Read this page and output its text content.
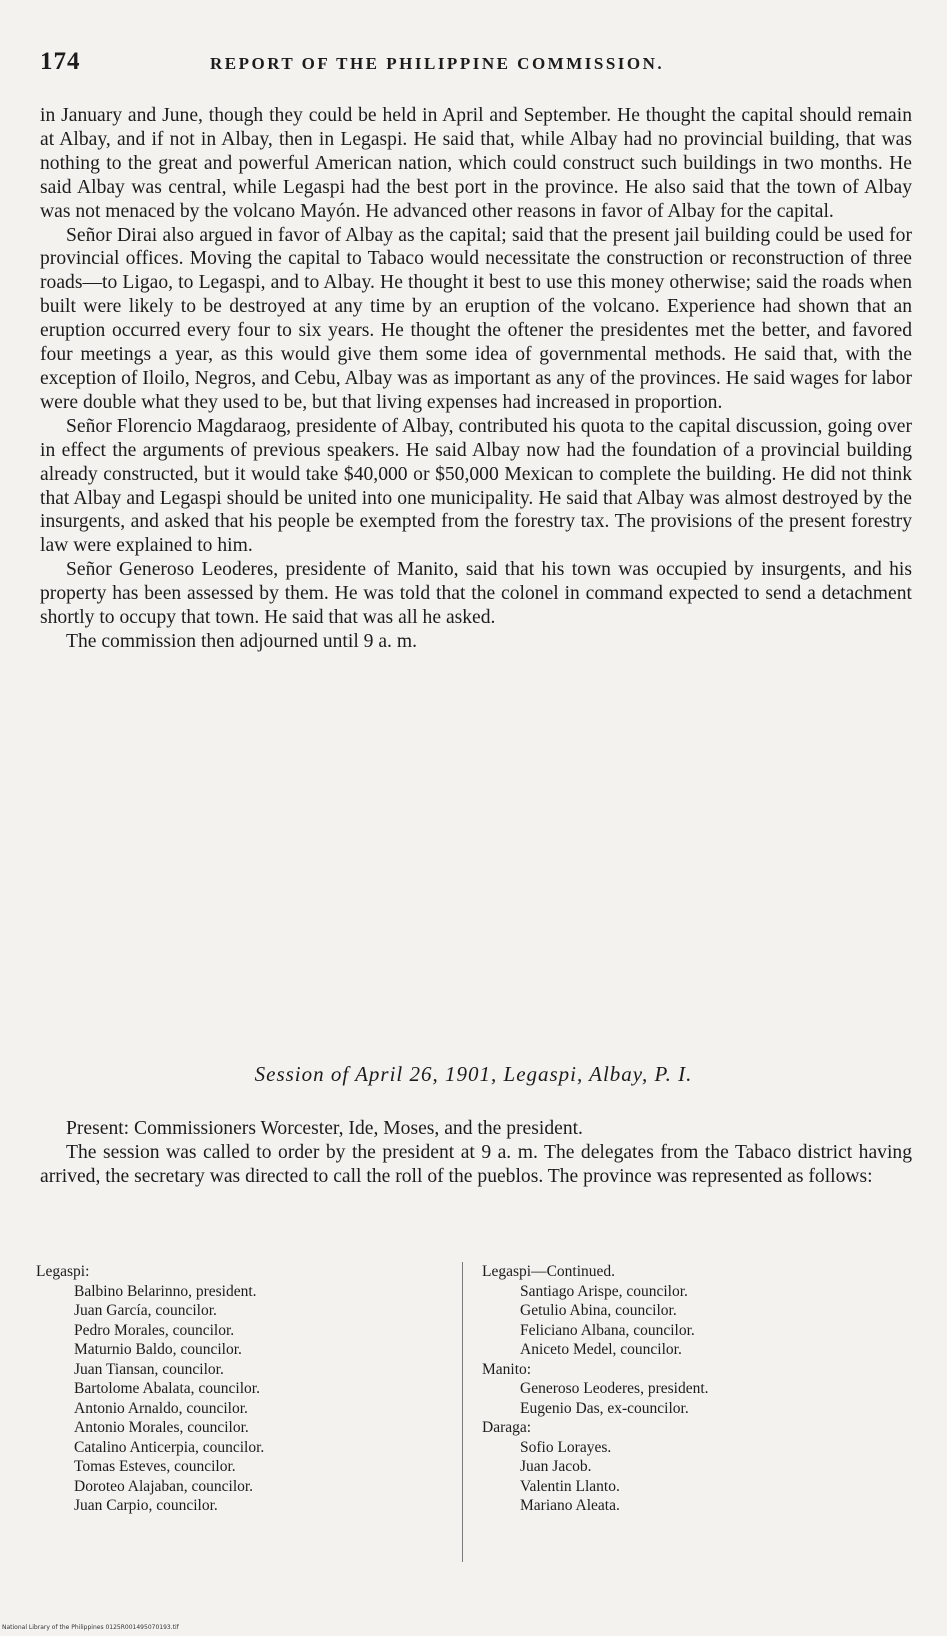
174	REPORT OF THE PHILIPPINE COMMISSION.

in January and June, though they could be held in April and September. He thought the capital should remain at Albay, and if not in Albay, then in Legaspi. He said that, while Albay had no provincial building, that was nothing to the great and powerful American nation, which could construct such buildings in two months. He said Albay was central, while Legaspi had the best port in the province. He also said that the town of Albay was not menaced by the volcano Mayón. He advanced other reasons in favor of Albay for the capital.

Señor Dirai also argued in favor of Albay as the capital; said that the present jail building could be used for provincial offices. Moving the capital to Tabaco would necessitate the construction or reconstruction of three roads—to Ligao, to Legaspi, and to Albay. He thought it best to use this money otherwise; said the roads when built were likely to be destroyed at any time by an eruption of the volcano. Experience had shown that an eruption occurred every four to six years. He thought the oftener the presidentes met the better, and favored four meetings a year, as this would give them some idea of governmental methods. He said that, with the exception of Iloilo, Negros, and Cebu, Albay was as important as any of the provinces. He said wages for labor were double what they used to be, but that living expenses had increased in proportion.

Señor Florencio Magdaraog, presidente of Albay, contributed his quota to the capital discussion, going over in effect the arguments of previous speakers. He said Albay now had the foundation of a provincial building already constructed, but it would take $40,000 or $50,000 Mexican to complete the building. He did not think that Albay and Legaspi should be united into one municipality. He said that Albay was almost destroyed by the insurgents, and asked that his people be exempted from the forestry tax. The provisions of the present forestry law were explained to him.

Señor Generoso Leoderes, presidente of Manito, said that his town was occupied by insurgents, and his property has been assessed by them. He was told that the colonel in command expected to send a detachment shortly to occupy that town. He said that was all he asked.

The commission then adjourned until 9 a. m.

Session of April 26, 1901, Legaspi, Albay, P. I.

Present: Commissioners Worcester, Ide, Moses, and the president.

The session was called to order by the president at 9 a. m. The delegates from the Tabaco district having arrived, the secretary was directed to call the roll of the pueblos. The province was represented as follows:

Legaspi:
Balbino Belarinno, president.
Juan García, councilor.
Pedro Morales, councilor.
Maturnio Baldo, councilor.
Juan Tiansan, councilor.
Bartolome Abalata, councilor.
Antonio Arnaldo, councilor.
Antonio Morales, councilor.
Catalino Anticerpia, councilor.
Tomas Esteves, councilor.
Doroteo Alajaban, councilor.
Juan Carpio, councilor.
Legaspi—Continued.
Santiago Arispe, councilor.
Getulio Abina, councilor.
Feliciano Albana, councilor.
Aniceto Medel, councilor.
Manito:
Generoso Leoderes, president.
Eugenio Das, ex-councilor.
Daraga:
Sofio Lorayes.
Juan Jacob.
Valentin Llanto.
Mariano Aleata.
National Library of the Philippines 0125R001495070193.tif
